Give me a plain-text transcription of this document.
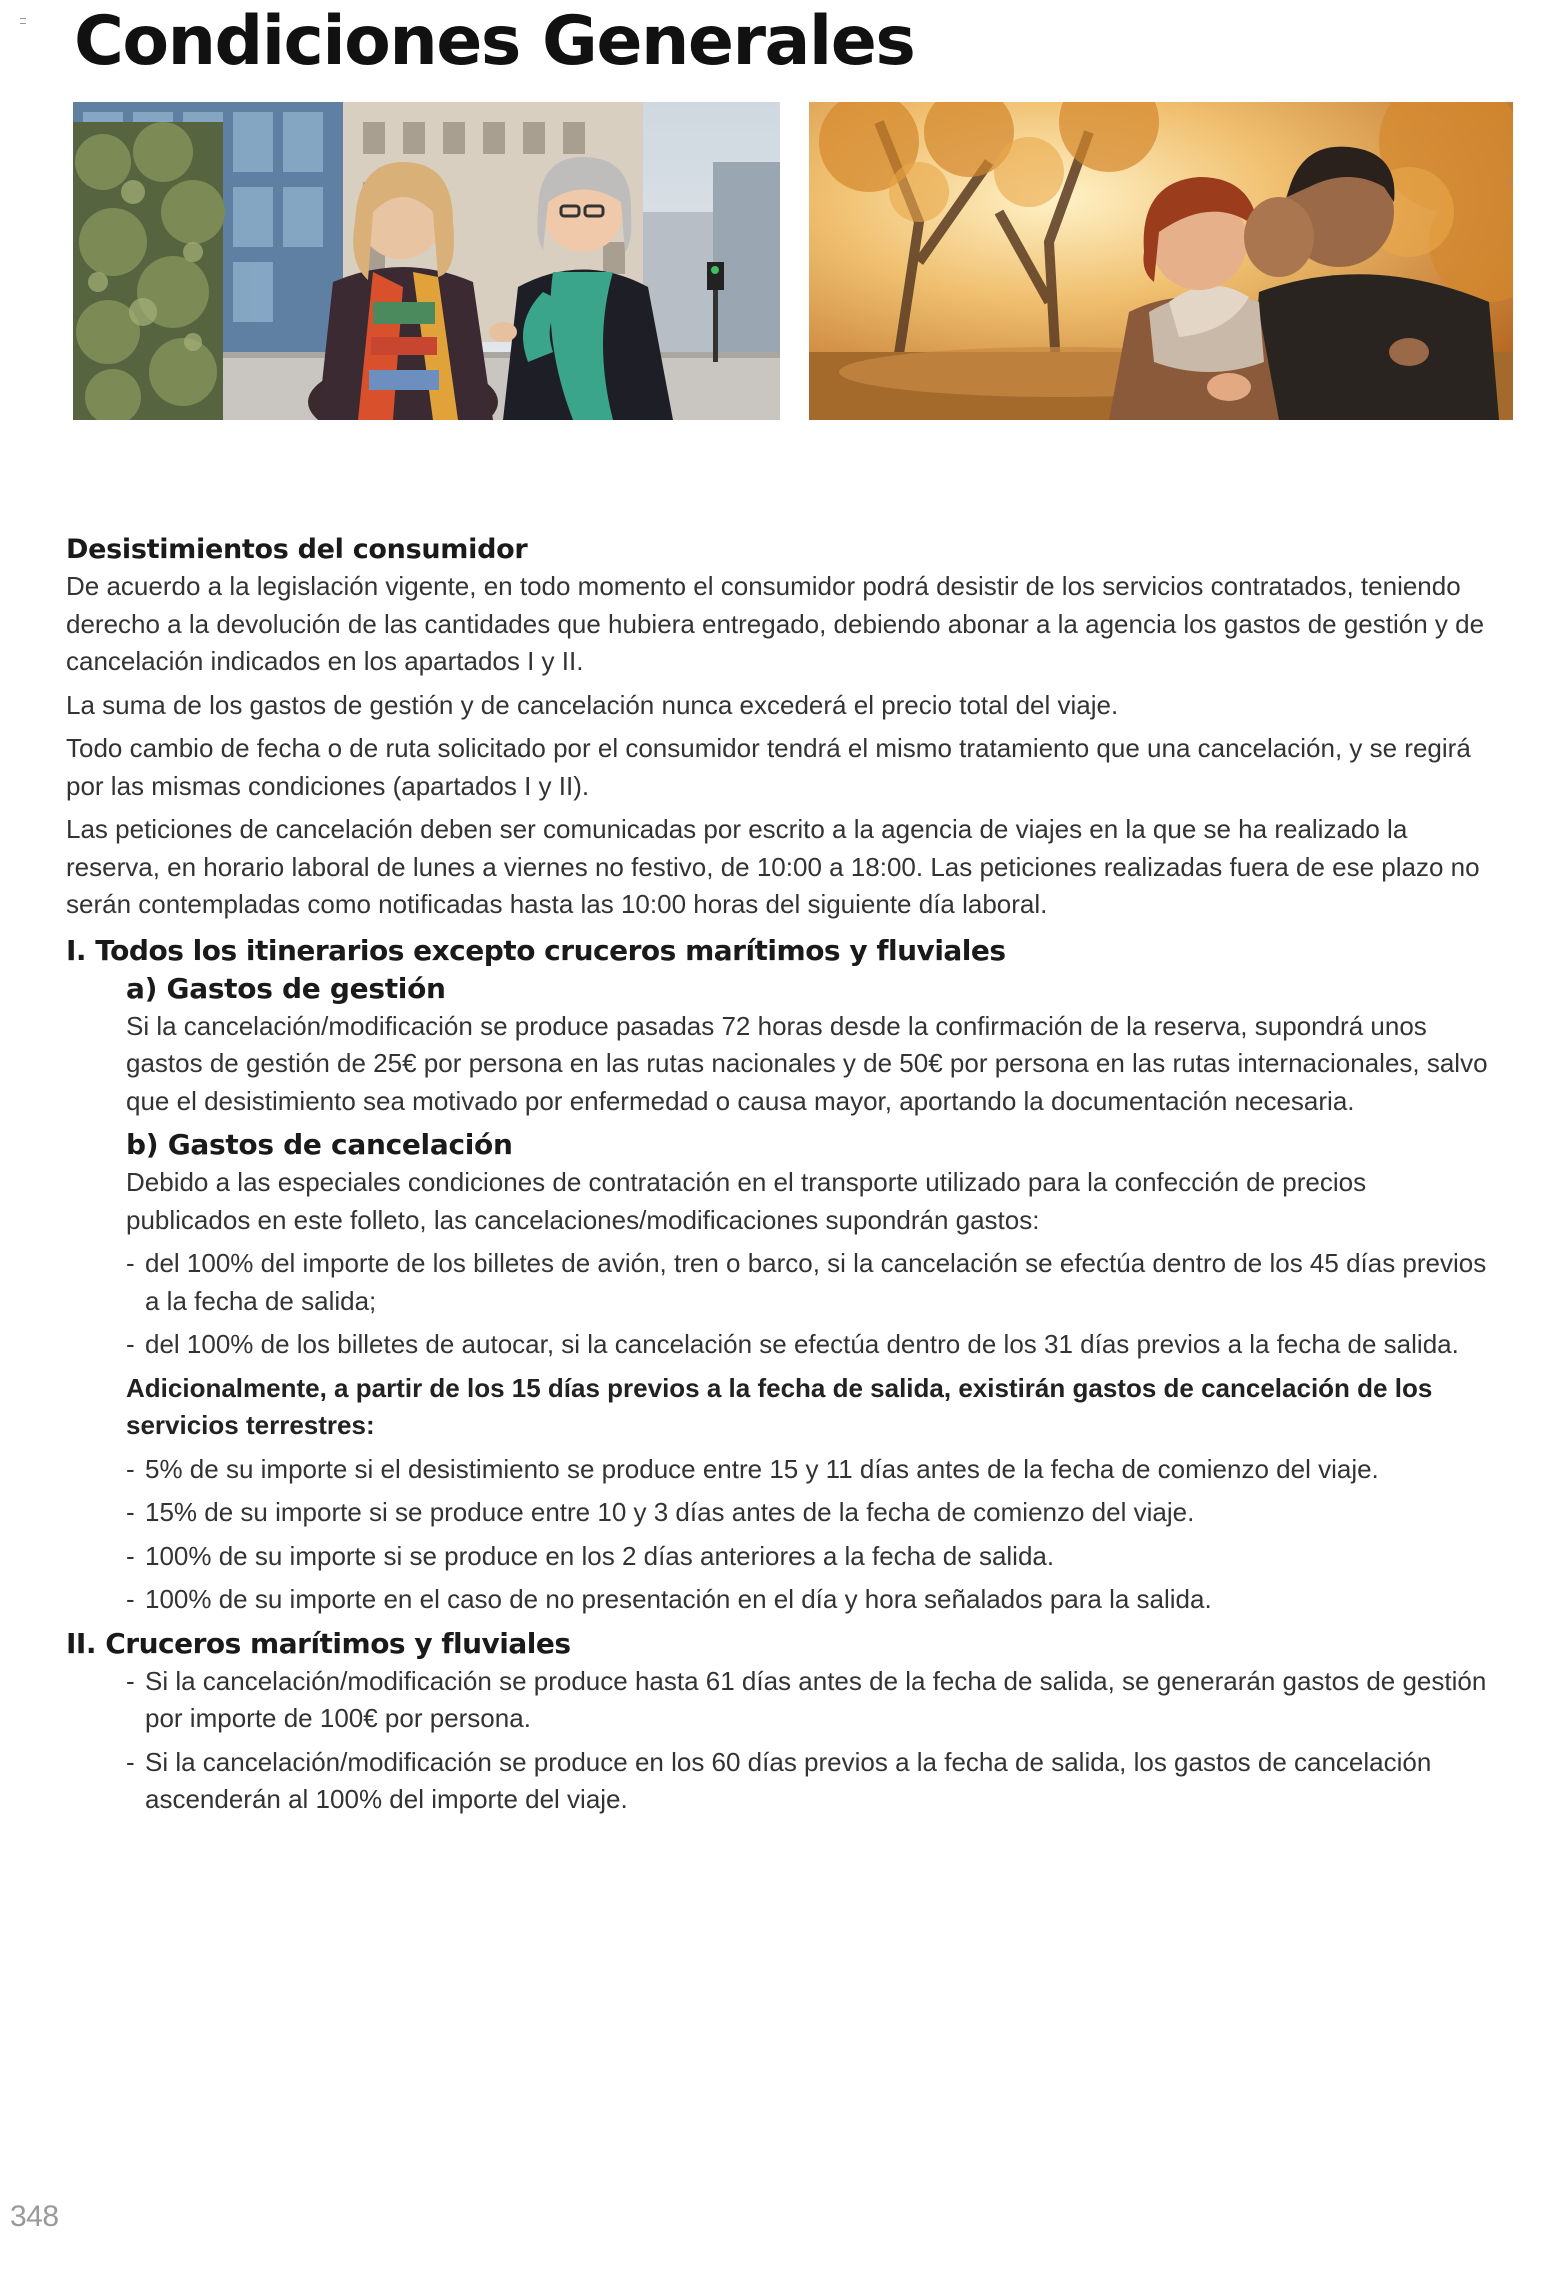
Condiciones Generales

Desistimientos del consumidor

De acuerdo a la legislación vigente, en todo momento el consumidor podrá desistir de los servicios contratados, teniendo derecho a la devolución de las cantidades que hubiera entregado, debiendo abonar a la agencia los gastos de gestión y de cancelación indicados en los apartados I y II.

La suma de los gastos de gestión y de cancelación nunca excederá el precio total del viaje.

Todo cambio de fecha o de ruta solicitado por el consumidor tendrá el mismo tratamiento que una cancelación, y se regirá por las mismas condiciones (apartados I y II).

Las peticiones de cancelación deben ser comunicadas por escrito a la agencia de viajes en la que se ha realizado la reserva, en horario laboral de lunes a viernes no festivo, de 10:00 a 18:00. Las peticiones realizadas fuera de ese plazo no serán contempladas como notificadas hasta las 10:00 horas del siguiente día laboral.

I. Todos los itinerarios excepto cruceros marítimos y fluviales

a) Gastos de gestión

Si la cancelación/modificación se produce pasadas 72 horas desde la confirmación de la reserva, supondrá unos gastos de gestión de 25€ por persona en las rutas nacionales y de 50€ por persona en las rutas internacionales, salvo que el desistimiento sea motivado por enfermedad o causa mayor, aportando la documentación necesaria.

b) Gastos de cancelación

Debido a las especiales condiciones de contratación en el transporte utilizado para la confección de precios publicados en este folleto, las cancelaciones/modificaciones supondrán gastos:

- del 100% del importe de los billetes de avión, tren o barco, si la cancelación se efectúa dentro de los 45 días previos a la fecha de salida;
- del 100% de los billetes de autocar, si la cancelación se efectúa dentro de los 31 días previos a la fecha de salida.

Adicionalmente, a partir de los 15 días previos a la fecha de salida, existirán gastos de cancelación de los servicios terrestres:

- 5% de su importe si el desistimiento se produce entre 15 y 11 días antes de la fecha de comienzo del viaje.
- 15% de su importe si se produce entre 10 y 3 días antes de la fecha de comienzo del viaje.
- 100% de su importe si se produce en los 2 días anteriores a la fecha de salida.
- 100% de su importe en el caso de no presentación en el día y hora señalados para la salida.

II. Cruceros marítimos y fluviales

- Si la cancelación/modificación se produce hasta 61 días antes de la fecha de salida, se generarán gastos de gestión por importe de 100€ por persona.
- Si la cancelación/modificación se produce en los 60 días previos a la fecha de salida, los gastos de cancelación ascenderán al 100% del importe del viaje.
348
